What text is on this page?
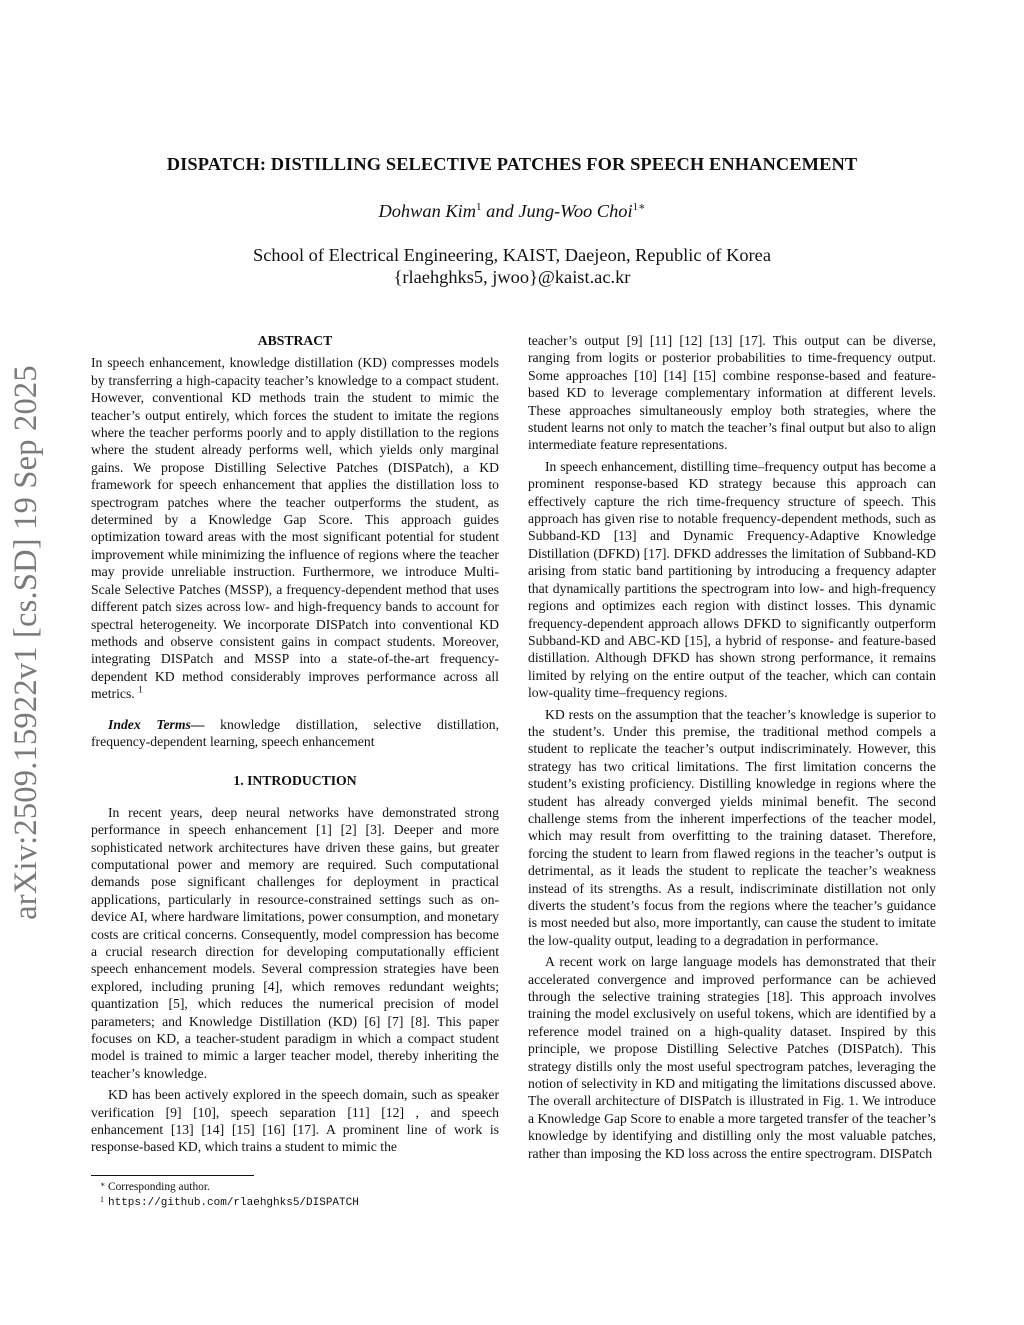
arXiv:2509.15922v1 [cs.SD] 19 Sep 2025
DISPATCH: DISTILLING SELECTIVE PATCHES FOR SPEECH ENHANCEMENT
Dohwan Kim$^1$ and Jung-Woo Choi$^{1∗}$
School of Electrical Engineering, KAIST, Daejeon, Republic of Korea
{rlaehghks5, jwoo}@kaist.ac.kr
ABSTRACT

In speech enhancement, knowledge distillation (KD) compresses models by transferring a high-capacity teacher’s knowledge to a compact student. However, conventional KD methods train the student to mimic the teacher’s output entirely, which forces the student to imitate the regions where the teacher performs poorly and to apply distillation to the regions where the student already performs well, which yields only marginal gains. We propose Distilling Selective Patches (DISPatch), a KD framework for speech enhancement that applies the distillation loss to spectrogram patches where the teacher outperforms the student, as determined by a Knowledge Gap Score. This approach guides optimization toward areas with the most significant potential for student improvement while minimizing the influence of regions where the teacher may provide unreliable instruction. Furthermore, we introduce Multi-Scale Selective Patches (MSSP), a frequency-dependent method that uses different patch sizes across low- and high-frequency bands to account for spectral heterogeneity. We incorporate DISPatch into conventional KD methods and observe consistent gains in compact students. Moreover, integrating DISPatch and MSSP into a state-of-the-art frequency-dependent KD method considerably improves performance across all metrics. $^1$

Index Terms— knowledge distillation, selective distillation, frequency-dependent learning, speech enhancement

1. INTRODUCTION

In recent years, deep neural networks have demonstrated strong performance in speech enhancement [1] [2] [3]. Deeper and more sophisticated network architectures have driven these gains, but greater computational power and memory are required. Such computational demands pose significant challenges for deployment in practical applications, particularly in resource-constrained settings such as on-device AI, where hardware limitations, power consumption, and monetary costs are critical concerns. Consequently, model compression has become a crucial research direction for developing computationally efficient speech enhancement models. Several compression strategies have been explored, including pruning [4], which removes redundant weights; quantization [5], which reduces the numerical precision of model parameters; and Knowledge Distillation (KD) [6] [7] [8]. This paper focuses on KD, a teacher-student paradigm in which a compact student model is trained to mimic a larger teacher model, thereby inheriting the teacher’s knowledge.

KD has been actively explored in the speech domain, such as speaker verification [9] [10], speech separation [11] [12] , and speech enhancement [13] [14] [15] [16] [17]. A prominent line of work is response-based KD, which trains a student to mimic the

∗ Corresponding author.

1 https://github.com/rlaehghks5/DISPATCH

teacher’s output [9] [11] [12] [13] [17]. This output can be diverse, ranging from logits or posterior probabilities to time-frequency output. Some approaches [10] [14] [15] combine response-based and feature-based KD to leverage complementary information at different levels. These approaches simultaneously employ both strategies, where the student learns not only to match the teacher’s final output but also to align intermediate feature representations.

In speech enhancement, distilling time–frequency output has become a prominent response-based KD strategy because this approach can effectively capture the rich time-frequency structure of speech. This approach has given rise to notable frequency-dependent methods, such as Subband-KD [13] and Dynamic Frequency-Adaptive Knowledge Distillation (DFKD) [17]. DFKD addresses the limitation of Subband-KD arising from static band partitioning by introducing a frequency adapter that dynamically partitions the spectrogram into low- and high-frequency regions and optimizes each region with distinct losses. This dynamic frequency-dependent approach allows DFKD to significantly outperform Subband-KD and ABC-KD [15], a hybrid of response- and feature-based distillation. Although DFKD has shown strong performance, it remains limited by relying on the entire output of the teacher, which can contain low-quality time–frequency regions.

KD rests on the assumption that the teacher’s knowledge is superior to the student’s. Under this premise, the traditional method compels a student to replicate the teacher’s output indiscriminately. However, this strategy has two critical limitations. The first limitation concerns the student’s existing proficiency. Distilling knowledge in regions where the student has already converged yields minimal benefit. The second challenge stems from the inherent imperfections of the teacher model, which may result from overfitting to the training dataset. Therefore, forcing the student to learn from flawed regions in the teacher’s output is detrimental, as it leads the student to replicate the teacher’s weakness instead of its strengths. As a result, indiscriminate distillation not only diverts the student’s focus from the regions where the teacher’s guidance is most needed but also, more importantly, can cause the student to imitate the low-quality output, leading to a degradation in performance.

A recent work on large language models has demonstrated that their accelerated convergence and improved performance can be achieved through the selective training strategies [18]. This approach involves training the model exclusively on useful tokens, which are identified by a reference model trained on a high-quality dataset. Inspired by this principle, we propose Distilling Selective Patches (DISPatch). This strategy distills only the most useful spectrogram patches, leveraging the notion of selectivity in KD and mitigating the limitations discussed above. The overall architecture of DISPatch is illustrated in Fig. 1. We introduce a Knowledge Gap Score to enable a more targeted transfer of the teacher’s knowledge by identifying and distilling only the most valuable patches, rather than imposing the KD loss across the entire spectrogram. DISPatch
